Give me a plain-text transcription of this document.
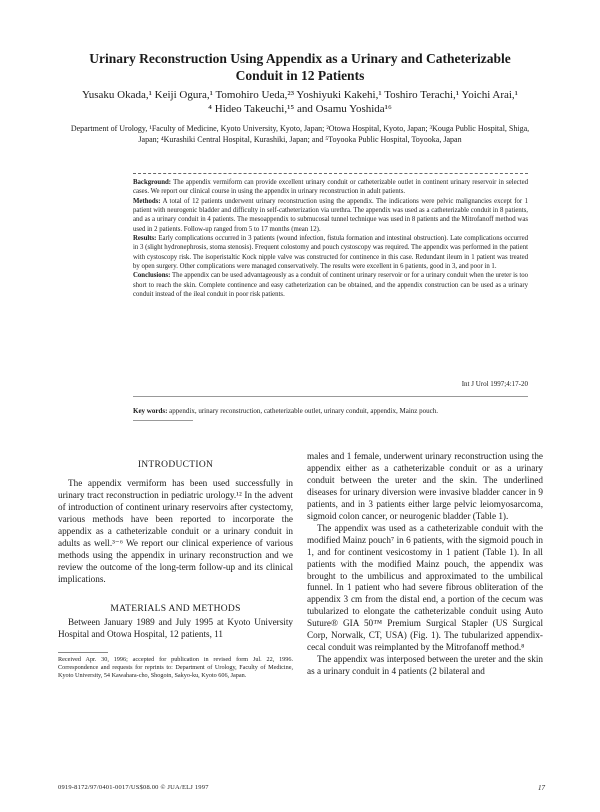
Urinary Reconstruction Using Appendix as a Urinary and Catheterizable Conduit in 12 Patients
Yusaku Okada,¹ Keiji Ogura,¹ Tomohiro Ueda,²³ Yoshiyuki Kakehi,¹ Toshiro Terachi,¹ Yoichi Arai,¹ ⁴ Hideo Takeuchi,¹⁵ and Osamu Yoshida¹⁶
Department of Urology, ¹Faculty of Medicine, Kyoto University, Kyoto, Japan; ²Otowa Hospital, Kyoto, Japan; ³Kouga Public Hospital, Shiga, Japan; ⁴Kurashiki Central Hospital, Kurashiki, Japan; and ⁵Toyooka Public Hospital, Toyooka, Japan

Background: The appendix vermiform can provide excellent urinary conduit or catheterizable outlet in continent urinary reservoir in selected cases. We report our clinical course in using the appendix in urinary reconstruction in adult patients.

Methods: A total of 12 patients underwent urinary reconstruction using the appendix. The indications were pelvic malignancies except for 1 patient with neurogenic bladder and difficulty in self-catheterization via urethra. The appendix was used as a catheterizable conduit in 8 patients, and as a urinary conduit in 4 patients. The mesoappendix to submucosal tunnel technique was used in 8 patients and the Mitrofanoff method was used in 2 patients. Follow-up ranged from 5 to 17 months (mean 12).

Results: Early complications occurred in 3 patients (wound infection, fistula formation and intestinal obstruction). Late complications occurred in 3 (slight hydronephrosis, stoma stenosis). Frequent colostomy and pouch cystoscopy was required. The appendix was performed in the patient with cystoscopy risk. The isoperistaltic Kock nipple valve was constructed for continence in this case. Redundant ileum in 1 patient was treated by open surgery. Other complications were managed conservatively. The results were excellent in 6 patients, good in 3, and poor in 1.

Conclusions: The appendix can be used advantageously as a conduit of continent urinary reservoir or for a urinary conduit when the ureter is too short to reach the skin. Complete continence and easy catheterization can be obtained, and the appendix construction can be used as a urinary conduit instead of the ileal conduit in poor risk patients.

Int J Urol 1997;4:17-20
Key words: appendix, urinary reconstruction, catheterizable outlet, urinary conduit, appendix, Mainz pouch.
INTRODUCTION

The appendix vermiform has been used successfully in urinary tract reconstruction in pediatric urology.¹² In the advent of introduction of continent urinary reservoirs after cystectomy, various methods have been reported to incorporate the appendix as a catheterizable conduit or a urinary conduit in adults as well.³⁻⁶ We report our clinical experience of various methods using the appendix in urinary reconstruction and we review the outcome of the long-term follow-up and its clinical implications.

MATERIALS AND METHODS

Between January 1989 and July 1995 at Kyoto University Hospital and Otowa Hospital, 12 patients, 11

Received Apr. 30, 1996; accepted for publication in revised form Jul. 22, 1996. Correspondence and requests for reprints to: Department of Urology, Faculty of Medicine, Kyoto University, 54 Kawahara-cho, Shogoin, Sakyo-ku, Kyoto 606, Japan.

males and 1 female, underwent urinary reconstruction using the appendix either as a catheterizable conduit or as a urinary conduit between the ureter and the skin. The underlined diseases for urinary diversion were invasive bladder cancer in 9 patients, and in 3 patients either large pelvic leiomyosarcoma, sigmoid colon cancer, or neurogenic bladder (Table 1).

The appendix was used as a catheterizable conduit with the modified Mainz pouch⁷ in 6 patients, with the sigmoid pouch in 1, and for continent vesicostomy in 1 patient (Table 1). In all patients with the modified Mainz pouch, the appendix was brought to the umbilicus and approximated to the umbilical funnel. In 1 patient who had severe fibrous obliteration of the appendix 3 cm from the distal end, a portion of the cecum was tubularized to elongate the catheterizable conduit using Auto Suture® GIA 50™ Premium Surgical Stapler (US Surgical Corp, Norwalk, CT, USA) (Fig. 1). The tubularized appendix-cecal conduit was reimplanted by the Mitrofanoff method.⁸

The appendix was interposed between the ureter and the skin as a urinary conduit in 4 patients (2 bilateral and

0919-8172/97/0401-0017/US$08.00 © JUA/ELJ 1997	17
